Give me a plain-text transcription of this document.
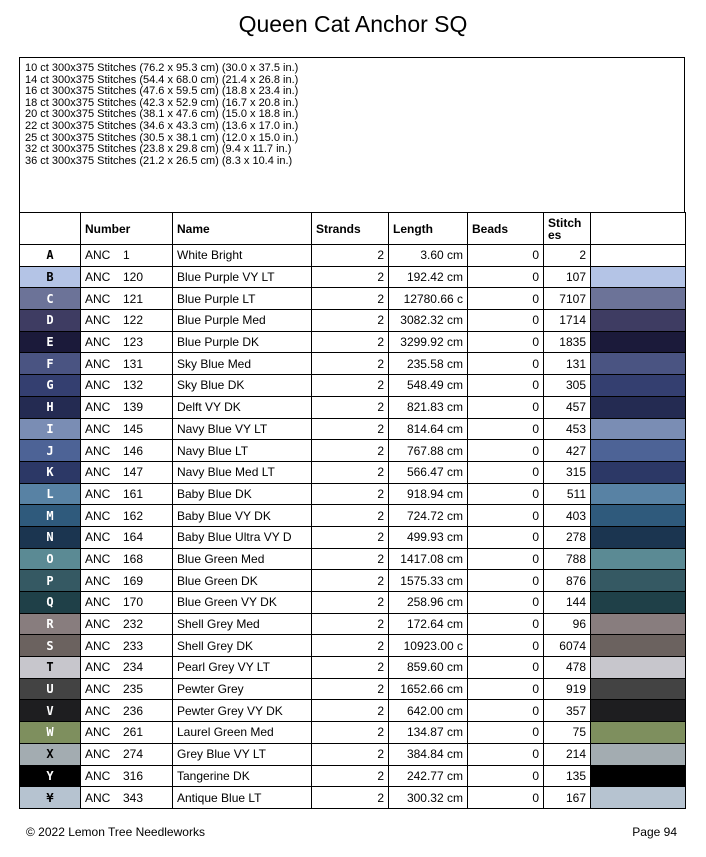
Queen Cat Anchor SQ
10 ct 300x375 Stitches (76.2 x 95.3 cm) (30.0 x 37.5 in.)
14 ct 300x375 Stitches (54.4 x 68.0 cm) (21.4 x 26.8 in.)
16 ct 300x375 Stitches (47.6 x 59.5 cm) (18.8 x 23.4 in.)
18 ct 300x375 Stitches (42.3 x 52.9 cm) (16.7 x 20.8 in.)
20 ct 300x375 Stitches (38.1 x 47.6 cm) (15.0 x 18.8 in.)
22 ct 300x375 Stitches (34.6 x 43.3 cm) (13.6 x 17.0 in.)
25 ct 300x375 Stitches (30.5 x 38.1 cm) (12.0 x 15.0 in.)
32 ct 300x375 Stitches (23.8 x 29.8 cm) (9.4 x 11.7 in.)
36 ct 300x375 Stitches (21.2 x 26.5 cm) (8.3 x 10.4 in.)
	Number	Name	Strands	Length	Beads	Stitch es	
A	ANC 1	White Bright	2	3.60 cm	0	2	
B	ANC 120	Blue Purple VY LT	2	192.42 cm	0	107	
C	ANC 121	Blue Purple LT	2	12780.66 c	0	7107	
D	ANC 122	Blue Purple Med	2	3082.32 cm	0	1714	
E	ANC 123	Blue Purple DK	2	3299.92 cm	0	1835	
F	ANC 131	Sky Blue Med	2	235.58 cm	0	131	
G	ANC 132	Sky Blue DK	2	548.49 cm	0	305	
H	ANC 139	Delft VY DK	2	821.83 cm	0	457	
I	ANC 145	Navy Blue VY LT	2	814.64 cm	0	453	
J	ANC 146	Navy Blue LT	2	767.88 cm	0	427	
K	ANC 147	Navy Blue Med LT	2	566.47 cm	0	315	
L	ANC 161	Baby Blue DK	2	918.94 cm	0	511	
M	ANC 162	Baby Blue VY DK	2	724.72 cm	0	403	
N	ANC 164	Baby Blue Ultra VY D	2	499.93 cm	0	278	
O	ANC 168	Blue Green Med	2	1417.08 cm	0	788	
P	ANC 169	Blue Green DK	2	1575.33 cm	0	876	
Q	ANC 170	Blue Green VY DK	2	258.96 cm	0	144	
R	ANC 232	Shell Grey Med	2	172.64 cm	0	96	
S	ANC 233	Shell Grey DK	2	10923.00 c	0	6074	
T	ANC 234	Pearl Grey VY LT	2	859.60 cm	0	478	
U	ANC 235	Pewter Grey	2	1652.66 cm	0	919	
V	ANC 236	Pewter Grey VY DK	2	642.00 cm	0	357	
W	ANC 261	Laurel Green Med	2	134.87 cm	0	75	
X	ANC 274	Grey Blue VY LT	2	384.84 cm	0	214	
Y	ANC 316	Tangerine DK	2	242.77 cm	0	135	
¥	ANC 343	Antique Blue LT	2	300.32 cm	0	167	
© 2022 Lemon Tree Needleworks	Page 94
